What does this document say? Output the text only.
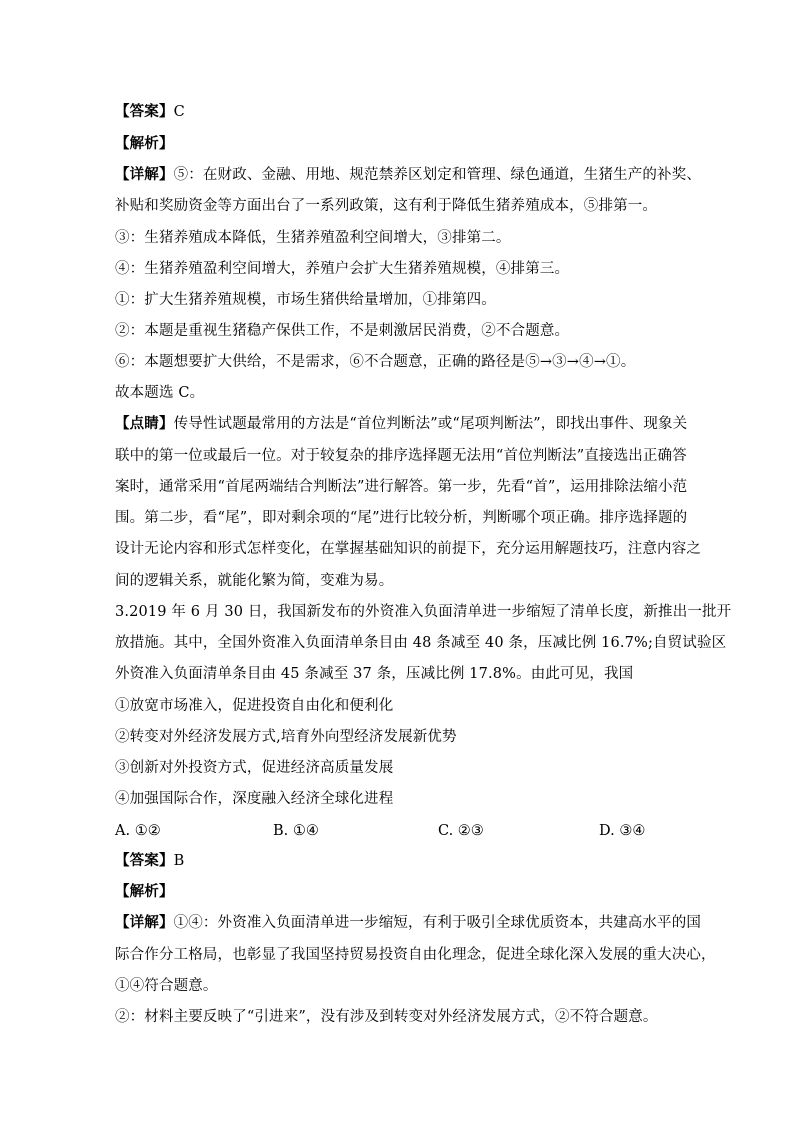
【答案】C
【解析】
【详解】⑤：在财政、金融、用地、规范禁养区划定和管理、绿色通道，生猪生产的补奖、
补贴和奖励资金等方面出台了一系列政策，这有利于降低生猪养殖成本，⑤排第一。
③：生猪养殖成本降低，生猪养殖盈利空间增大，③排第二。
④：生猪养殖盈利空间增大，养殖户会扩大生猪养殖规模，④排第三。
①：扩大生猪养殖规模，市场生猪供给量增加，①排第四。
②：本题是重视生猪稳产保供工作，不是刺激居民消费，②不合题意。
⑥：本题想要扩大供给，不是需求，⑥不合题意，正确的路径是⑤→③→④→①。
故本题选 C。
【点睛】传导性试题最常用的方法是“首位判断法”或“尾项判断法”，即找出事件、现象关
联中的第一位或最后一位。对于较复杂的排序选择题无法用“首位判断法”直接选出正确答
案时，通常采用“首尾两端结合判断法”进行解答。第一步，先看“首”，运用排除法缩小范
围。第二步，看“尾”，即对剩余项的“尾”进行比较分析，判断哪个项正确。排序选择题的
设计无论内容和形式怎样变化，在掌握基础知识的前提下，充分运用解题技巧，注意内容之
间的逻辑关系，就能化繁为简，变难为易。
3.2019 年 6 月 30 日，我国新发布的外资准入负面清单进一步缩短了清单长度，新推出一批开
放措施。其中，全国外资准入负面清单条目由 48 条减至 40 条，压减比例 16.7%;自贸试验区
外资准入负面清单条目由 45 条减至 37 条，压减比例 17.8%。由此可见，我国
①放宽市场准入，促进投资自由化和便利化
②转变对外经济发展方式,培育外向型经济发展新优势
③创新对外投资方式，促进经济高质量发展
④加强国际合作，深度融入经济全球化进程
A. ①②	B. ①④	C. ②③	D. ③④
【答案】B
【解析】
【详解】①④：外资准入负面清单进一步缩短，有利于吸引全球优质资本，共建高水平的国
际合作分工格局，也彰显了我国坚持贸易投资自由化理念，促进全球化深入发展的重大决心，
①④符合题意。
②：材料主要反映了“引进来”，没有涉及到转变对外经济发展方式，②不符合题意。
